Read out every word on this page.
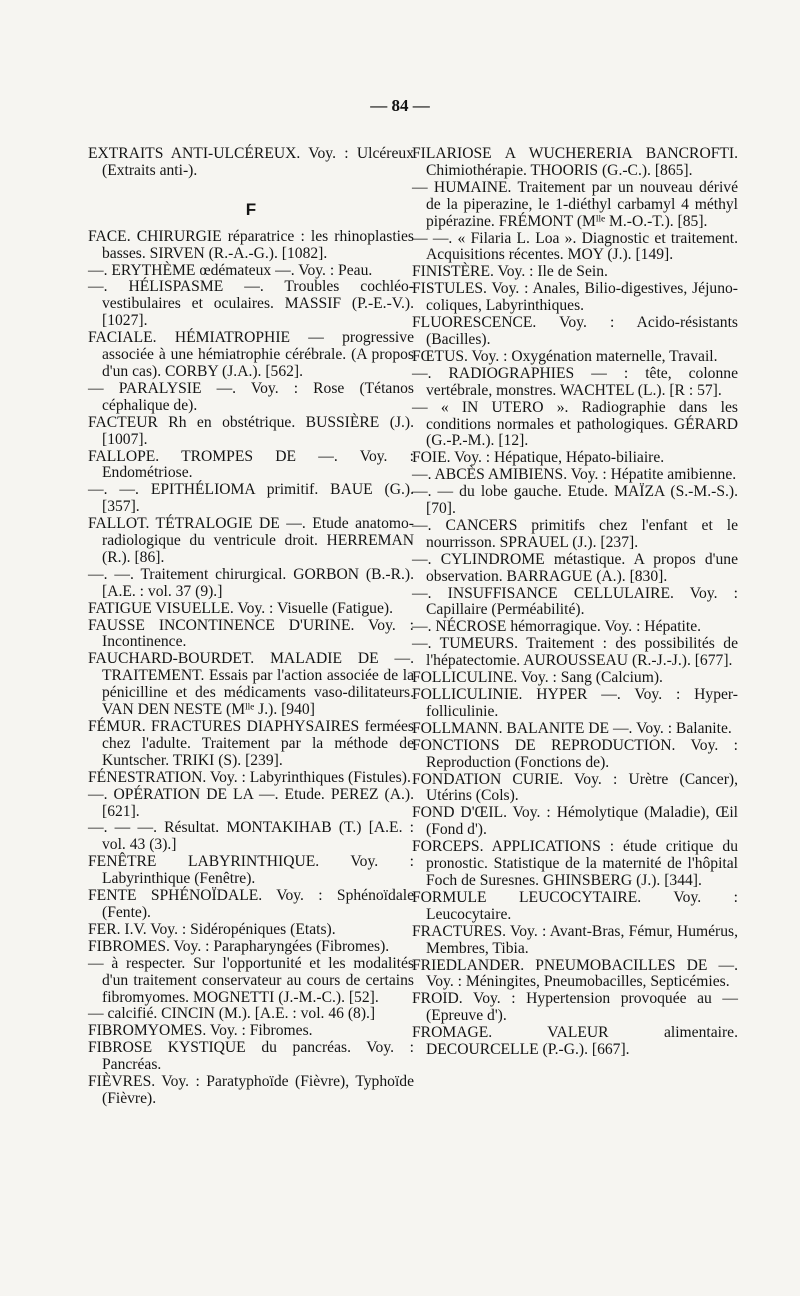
— 84 —

EXTRAITS ANTI-ULCÉREUX. Voy. : Ulcéreux (Extraits anti-).

F

FACE. CHIRURGIE réparatrice : les rhinoplasties basses. SIRVEN (R.-A.-G.). [1082].

—. ERYTHÈME œdémateux —. Voy. : Peau.

—. HÉLISPASME —. Troubles cochléo-vestibulaires et oculaires. MASSIF (P.-E.-V.). [1027].

FACIALE. HÉMIATROPHIE — progressive associée à une hémiatrophie cérébrale. (A propos d'un cas). CORBY (J.A.). [562].

— PARALYSIE —. Voy. : Rose (Tétanos céphalique de).

FACTEUR Rh en obstétrique. BUSSIÈRE (J.). [1007].

FALLOPE. TROMPES DE —. Voy. : Endométriose.

—. —. EPITHÉLIOMA primitif. BAUE (G.). [357].

FALLOT. TÉTRALOGIE DE —. Etude anatomo-radiologique du ventricule droit. HERREMAN (R.). [86].

—. —. Traitement chirurgical. GORBON (B.-R.). [A.E. : vol. 37 (9).]

FATIGUE VISUELLE. Voy. : Visuelle (Fatigue).

FAUSSE INCONTINENCE D'URINE. Voy. : Incontinence.

FAUCHARD-BOURDET. MALADIE DE —. TRAITEMENT. Essais par l'action associée de la pénicilline et des médicaments vaso-dilitateurs. VAN DEN NESTE (Mˡˡᵉ J.). [940]

FÉMUR. FRACTURES DIAPHYSAIRES fermées chez l'adulte. Traitement par la méthode de Kuntscher. TRIKI (S). [239].

FÉNESTRATION. Voy. : Labyrinthiques (Fistules).

—. OPÉRATION DE LA —. Etude. PEREZ (A.). [621].

—. — —. Résultat. MONTAKIHAB (T.) [A.E. : vol. 43 (3).]

FENÊTRE LABYRINTHIQUE. Voy. : Labyrinthique (Fenêtre).

FENTE SPHÉNOÏDALE. Voy. : Sphénoïdale (Fente).

FER. I.V. Voy. : Sidéropéniques (Etats).

FIBROMES. Voy. : Parapharyngées (Fibromes).

— à respecter. Sur l'opportunité et les modalités d'un traitement conservateur au cours de certains fibromyomes. MOGNETTI (J.-M.-C.). [52].

— calcifié. CINCIN (M.). [A.E. : vol. 46 (8).]

FIBROMYOMES. Voy. : Fibromes.

FIBROSE KYSTIQUE du pancréas. Voy. : Pancréas.

FIÈVRES. Voy. : Paratyphoïde (Fièvre), Typhoïde (Fièvre).

FILARIOSE A WUCHERERIA BANCROFTI. Chimiothérapie. THOORIS (G.-C.). [865].

— HUMAINE. Traitement par un nouveau dérivé de la piperazine, le 1-diéthyl carbamyl 4 méthyl pipérazine. FRÉMONT (Mˡˡᵉ M.-O.-T.). [85].

— —. « Filaria L. Loa ». Diagnostic et traitement. Acquisitions récentes. MOY (J.). [149].

FINISTÈRE. Voy. : Ile de Sein.

FISTULES. Voy. : Anales, Bilio-digestives, Jéjuno-coliques, Labyrinthiques.

FLUORESCENCE. Voy. : Acido-résistants (Bacilles).

FŒTUS. Voy. : Oxygénation maternelle, Travail.

—. RADIOGRAPHIES — : tête, colonne vertébrale, monstres. WACHTEL (L.). [R : 57].

— « IN UTERO ». Radiographie dans les conditions normales et pathologiques. GÉRARD (G.-P.-M.). [12].

FOIE. Voy. : Hépatique, Hépato-biliaire.

—. ABCÈS AMIBIENS. Voy. : Hépatite amibienne.

—. — du lobe gauche. Etude. MAÏZA (S.-M.-S.). [70].

—. CANCERS primitifs chez l'enfant et le nourrisson. SPRAUEL (J.). [237].

—. CYLINDROME métastique. A propos d'une observation. BARRAGUE (A.). [830].

—. INSUFFISANCE CELLULAIRE. Voy. : Capillaire (Perméabilité).

—. NÉCROSE hémorragique. Voy. : Hépatite.

—. TUMEURS. Traitement : des possibilités de l'hépatectomie. AUROUSSEAU (R.-J.-J.). [677].

FOLLICULINE. Voy. : Sang (Calcium).

FOLLICULINIE. HYPER —. Voy. : Hyper-folliculinie.

FOLLMANN. BALANITE DE —. Voy. : Balanite.

FONCTIONS DE REPRODUCTION. Voy. : Reproduction (Fonctions de).

FONDATION CURIE. Voy. : Urètre (Cancer), Utérins (Cols).

FOND D'ŒIL. Voy. : Hémolytique (Maladie), Œil (Fond d').

FORCEPS. APPLICATIONS : étude critique du pronostic. Statistique de la maternité de l'hôpital Foch de Suresnes. GHINSBERG (J.). [344].

FORMULE LEUCOCYTAIRE. Voy. : Leucocytaire.

FRACTURES. Voy. : Avant-Bras, Fémur, Humérus, Membres, Tibia.

FRIEDLANDER. PNEUMOBACILLES DE —. Voy. : Méningites, Pneumobacilles, Septicémies.

FROID. Voy. : Hypertension provoquée au — (Epreuve d').

FROMAGE. VALEUR alimentaire. DECOURCELLE (P.-G.). [667].
